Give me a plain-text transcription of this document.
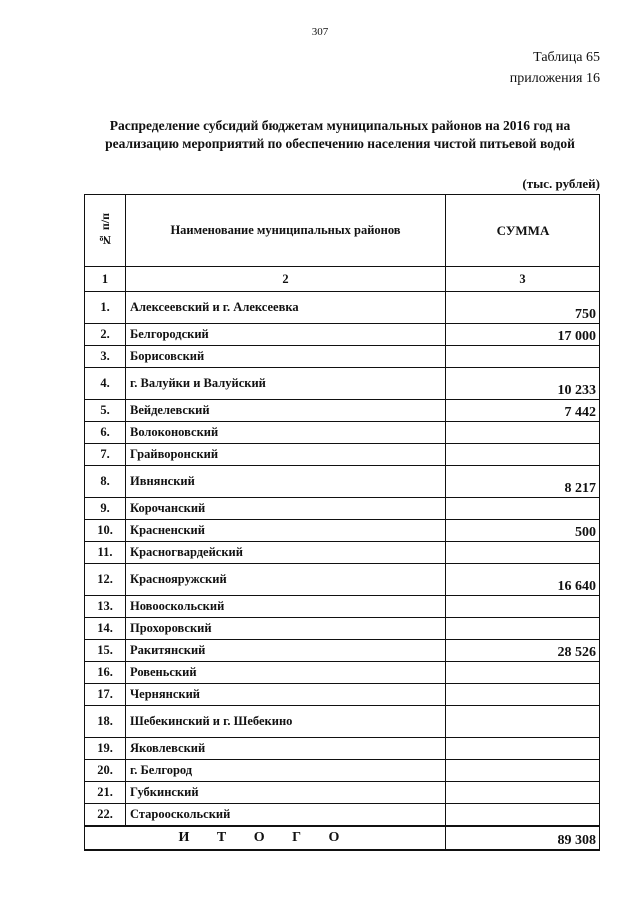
307
Таблица 65
приложения 16
Распределение субсидий бюджетам муниципальных районов на 2016 год на
реализацию мероприятий по обеспечению населения чистой питьевой водой
(тыс. рублей)
№ п/п	Наименование муниципальных районов	СУММА
1	2	3
1.	Алексеевский и г. Алексеевка	750
2.	Белгородский	17 000
3.	Борисовский	
4.	г. Валуйки и Валуйский	10 233
5.	Вейделевский	7 442
6.	Волоконовский	
7.	Грайворонский	
8.	Ивнянский	8 217
9.	Корочанский	
10.	Красненский	500
11.	Красногвардейский	
12.	Краснояружский	16 640
13.	Новооскольский	
14.	Прохоровский	
15.	Ракитянский	28 526
16.	Ровеньский	
17.	Чернянский	
18.	Шебекинский и г. Шебекино	
19.	Яковлевский	
20.	г. Белгород	
21.	Губкинский	
22.	Старооскольский	
И Т О Г О		89 308
